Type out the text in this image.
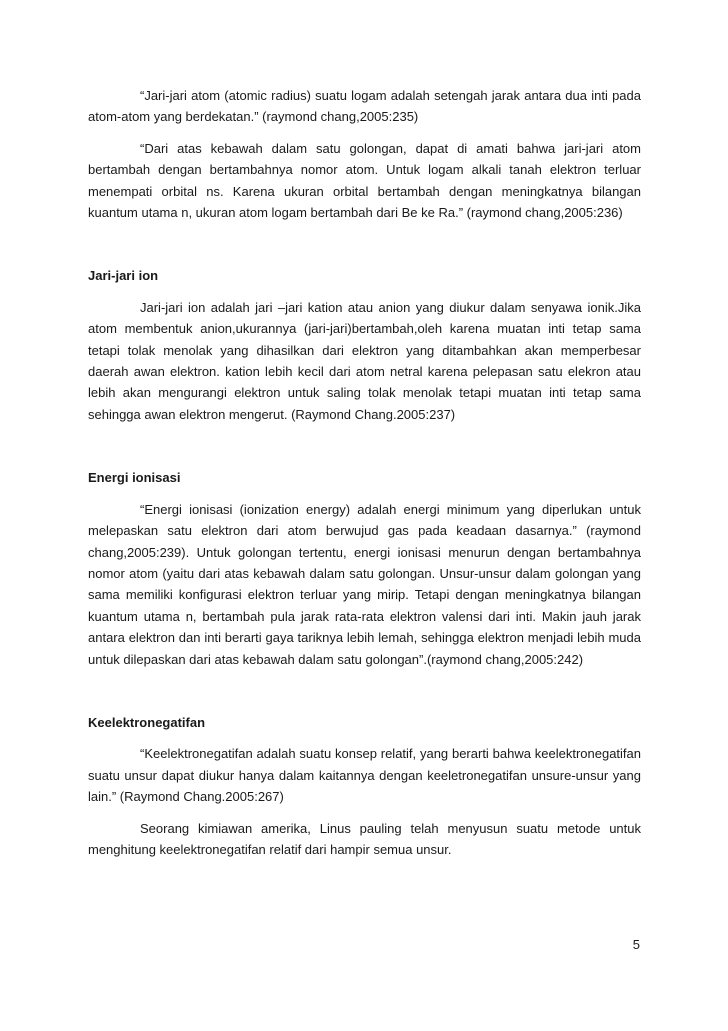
“Jari-jari atom (atomic radius) suatu logam adalah setengah jarak antara dua inti pada atom-atom yang berdekatan.” (raymond chang,2005:235)

“Dari atas kebawah dalam satu golongan, dapat di amati bahwa jari-jari atom bertambah dengan bertambahnya nomor atom. Untuk logam alkali tanah elektron terluar menempati orbital ns. Karena ukuran orbital bertambah dengan meningkatnya bilangan kuantum utama n, ukuran atom logam bertambah dari Be ke Ra.” (raymond chang,2005:236)

Jari-jari ion

Jari-jari ion adalah jari –jari kation atau anion yang diukur dalam senyawa ionik.Jika atom membentuk anion,ukurannya (jari-jari)bertambah,oleh karena muatan inti tetap sama tetapi tolak menolak yang dihasilkan dari elektron yang ditambahkan akan memperbesar daerah awan elektron. kation lebih kecil dari atom netral karena pelepasan satu elekron atau lebih akan mengurangi elektron untuk saling tolak menolak tetapi muatan inti tetap sama sehingga awan elektron mengerut. (Raymond Chang.2005:237)

Energi ionisasi

“Energi ionisasi (ionization energy) adalah energi minimum yang diperlukan untuk melepaskan satu elektron dari atom berwujud gas pada keadaan dasarnya.” (raymond chang,2005:239). Untuk golongan tertentu, energi ionisasi menurun dengan bertambahnya nomor atom (yaitu dari atas kebawah dalam satu golongan. Unsur-unsur dalam golongan yang sama memiliki konfigurasi elektron terluar yang mirip. Tetapi dengan meningkatnya bilangan kuantum utama n, bertambah pula jarak rata-rata elektron valensi dari inti. Makin jauh jarak antara elektron dan inti berarti gaya tariknya lebih lemah, sehingga elektron menjadi lebih muda untuk dilepaskan dari atas kebawah dalam satu golongan”.(raymond chang,2005:242)

Keelektronegatifan

“Keelektronegatifan adalah suatu konsep relatif, yang berarti bahwa keelektronegatifan suatu unsur dapat diukur hanya dalam kaitannya dengan keeletronegatifan unsure-unsur yang lain.” (Raymond Chang.2005:267)

Seorang kimiawan amerika, Linus pauling telah menyusun suatu metode untuk menghitung keelektronegatifan relatif dari hampir semua unsur.

5
